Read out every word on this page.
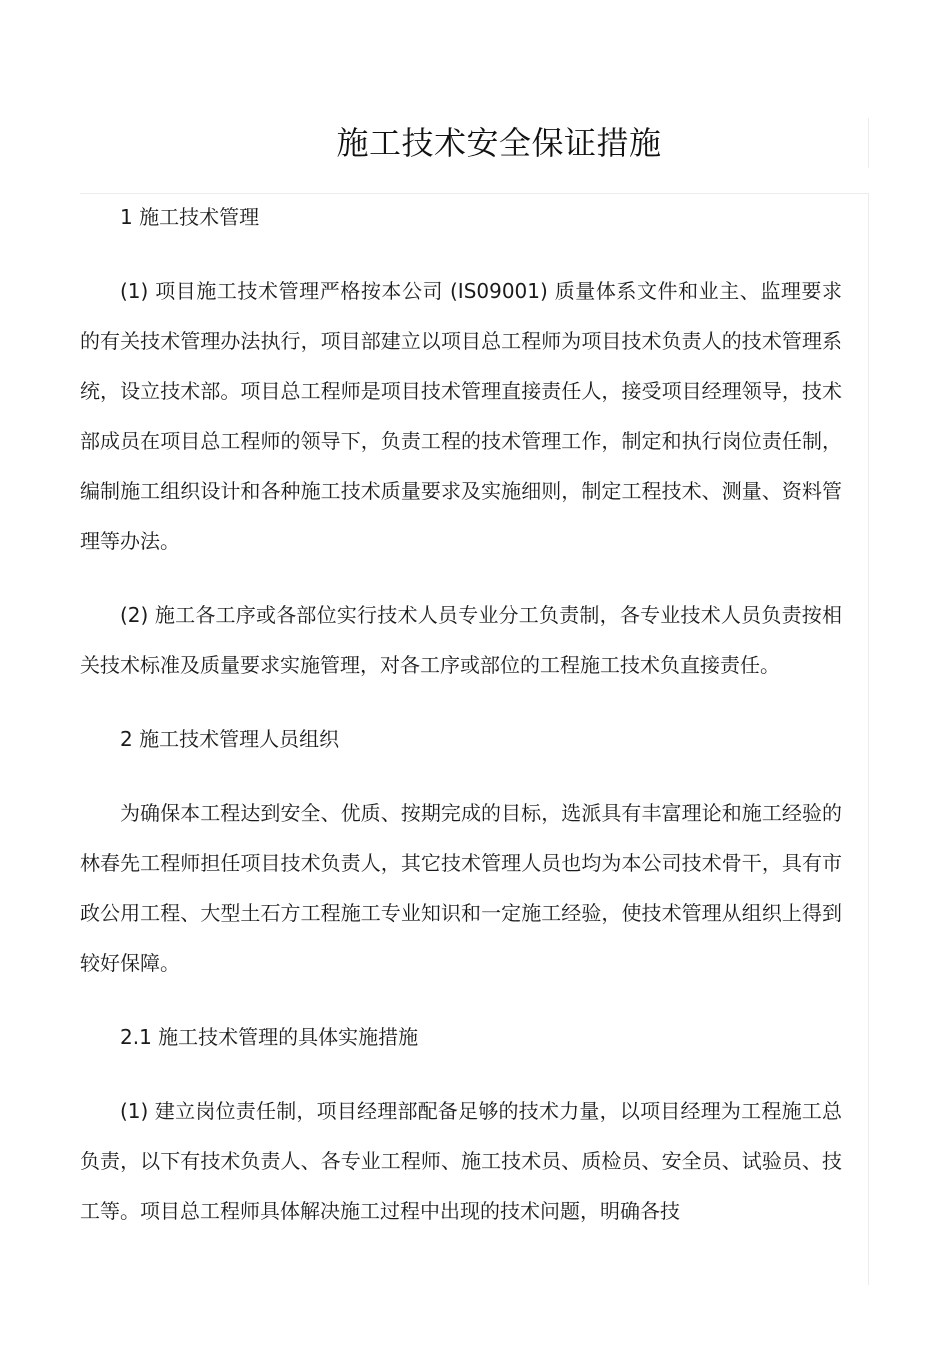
施工技术安全保证措施

1 施工技术管理

(1) 项目施工技术管理严格按本公司 (IS09001) 质量体系文件和业主、监理要求的有关技术管理办法执行，项目部建立以项目总工程师为项目技术负责人的技术管理系统，设立技术部。项目总工程师是项目技术管理直接责任人，接受项目经理领导，技术部成员在项目总工程师的领导下，负责工程的技术管理工作，制定和执行岗位责任制，编制施工组织设计和各种施工技术质量要求及实施细则，制定工程技术、测量、资料管理等办法。

(2) 施工各工序或各部位实行技术人员专业分工负责制，各专业技术人员负责按相关技术标准及质量要求实施管理，对各工序或部位的工程施工技术负直接责任。

2 施工技术管理人员组织

为确保本工程达到安全、优质、按期完成的目标，选派具有丰富理论和施工经验的林春先工程师担任项目技术负责人，其它技术管理人员也均为本公司技术骨干，具有市政公用工程、大型土石方工程施工专业知识和一定施工经验，使技术管理从组织上得到较好保障。

2.1 施工技术管理的具体实施措施

(1) 建立岗位责任制，项目经理部配备足够的技术力量，以项目经理为工程施工总负责，以下有技术负责人、各专业工程师、施工技术员、质检员、安全员、试验员、技工等。项目总工程师具体解决施工过程中出现的技术问题，明确各技
